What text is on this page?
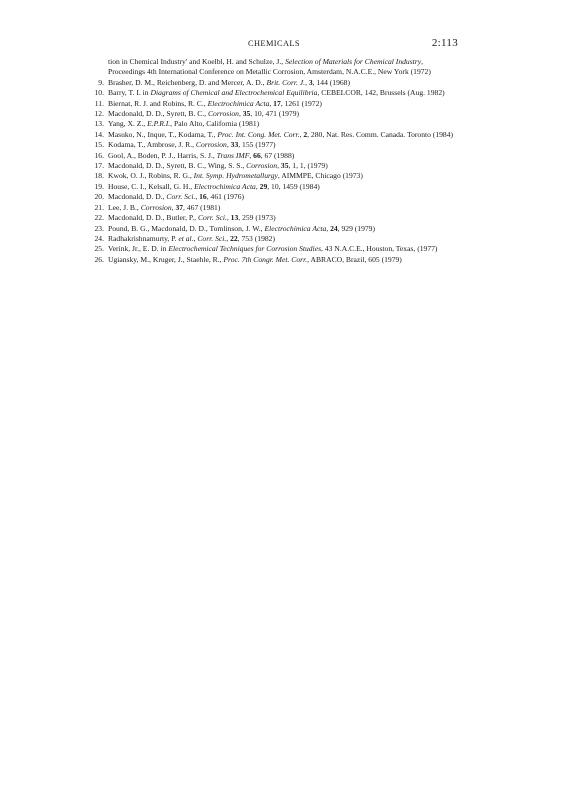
CHEMICALS	2:113
tion in Chemical Industry' and Koelbl, H. and Schulze, J., Selection of Materials for Chemical Industry, Proceedings 4th International Conference on Metallic Corrosion, Amsterdam, N.A.C.E., New York (1972)
9. Brasher, D. M., Reichenberg, D. and Mercer, A. D., Brit. Corr. J., 3, 144 (1968)
10. Barry, T. I. in Diagrams of Chemical and Electrochemical Equilibria, CEBELCOR, 142, Brussels (Aug. 1982)
11. Biernat, R. J. and Robins, R. C., Electrochimica Acta, 17, 1261 (1972)
12. Macdonald, D. D., Syrett, B. C., Corrosion, 35, 10, 471 (1979)
13. Yang, X. Z., E.P.R.I., Palo Alto, California (1981)
14. Masuko, N., Inque, T., Kodama, T., Proc. Int. Cong. Met. Corr., 2, 280, Nat. Res. Comm. Canada. Toronto (1984)
15. Kodama, T., Ambrose, J. R., Corrosion, 33, 155 (1977)
16. Gool, A., Boden, P. J., Harris, S. J., Trans IMF, 66, 67 (1988)
17. Macdonald, D. D., Syrett, B. C., Wing, S. S., Corrosion, 35, 1, 1, (1979)
18. Kwok, O. J., Robins, R. G., Int. Symp. Hydrometallurgy, AIMMPE, Chicago (1973)
19. House, C. I., Kelsall, G. H., Electrochimica Acta, 29, 10, 1459 (1984)
20. Macdonald, D. D., Corr. Sci., 16, 461 (1976)
21. Lee, J. B., Corrosion, 37, 467 (1981)
22. Macdonald, D. D., Butler, P., Corr. Sci., 13, 259 (1973)
23. Pound, B. G., Macdonald, D. D., Tomlinson, J. W., Electrochimica Acta, 24, 929 (1979)
24. Radhakrishnamurty, P. et al., Corr. Sci., 22, 753 (1982)
25. Verink, Jr., E. D. in Electrochemical Techniques for Corrosion Studies, 43 N.A.C.E., Houston, Texas, (1977)
26. Ugiansky, M., Kruger, J., Staehle, R., Proc. 7th Congr. Met. Corr., ABRACO, Brazil, 605 (1979)
